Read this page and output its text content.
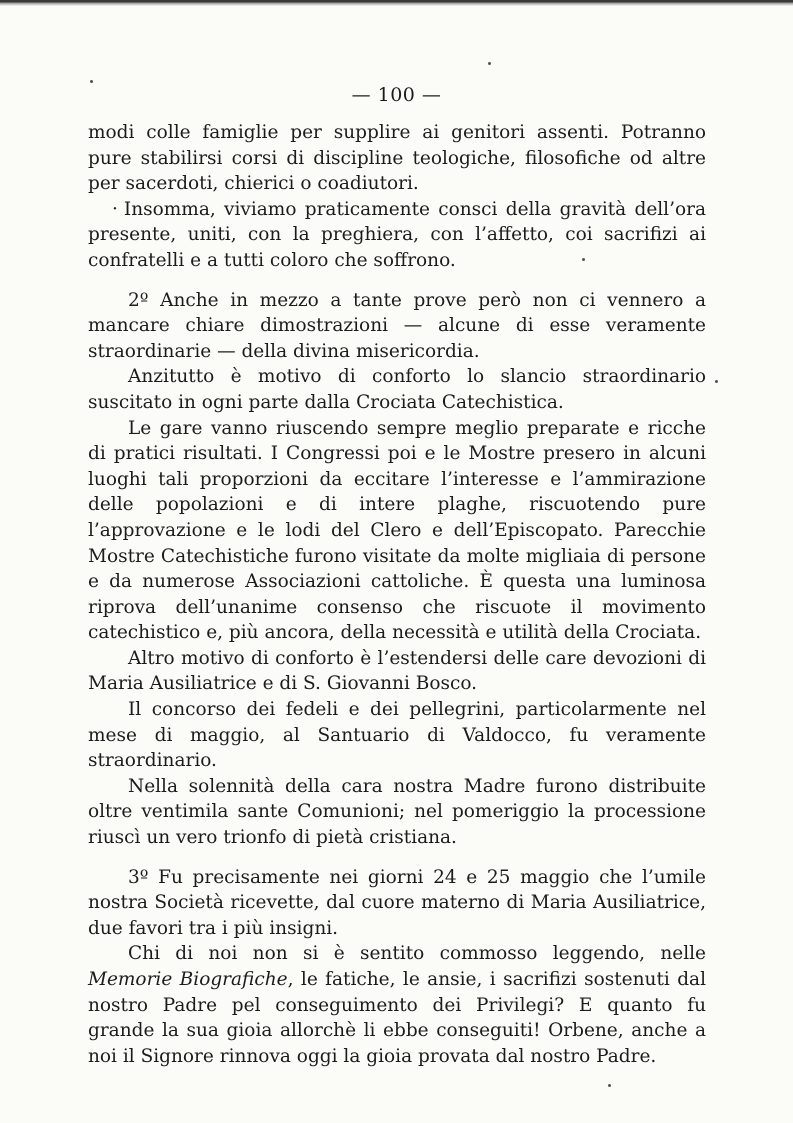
— 100 —

modi colle famiglie per supplire ai genitori assenti. Potranno pure stabilirsi corsi di discipline teologiche, filosofiche od altre per sacerdoti, chierici o coadiutori.

· Insomma, viviamo praticamente consci della gravità dell’ora presente, uniti, con la preghiera, con l’affetto, coi sacrifizi ai confratelli e a tutti coloro che soffrono.

2º Anche in mezzo a tante prove però non ci vennero a mancare chiare dimostrazioni — alcune di esse veramente straordinarie — della divina misericordia.

Anzitutto è motivo di conforto lo slancio straordinario suscitato in ogni parte dalla Crociata Catechistica.

Le gare vanno riuscendo sempre meglio preparate e ricche di pratici risultati. I Congressi poi e le Mostre presero in alcuni luoghi tali proporzioni da eccitare l’interesse e l’ammirazione delle popolazioni e di intere plaghe, riscuotendo pure l’approvazione e le lodi del Clero e dell’Episcopato. Parecchie Mostre Catechistiche furono visitate da molte migliaia di persone e da numerose Associazioni cattoliche. È questa una luminosa riprova dell’unanime consenso che riscuote il movimento catechistico e, più ancora, della necessità e utilità della Crociata.

Altro motivo di conforto è l’estendersi delle care devozioni di Maria Ausiliatrice e di S. Giovanni Bosco.

Il concorso dei fedeli e dei pellegrini, particolarmente nel mese di maggio, al Santuario di Valdocco, fu veramente straordinario.

Nella solennità della cara nostra Madre furono distribuite oltre ventimila sante Comunioni; nel pomeriggio la processione riuscì un vero trionfo di pietà cristiana.

3º Fu precisamente nei giorni 24 e 25 maggio che l’umile nostra Società ricevette, dal cuore materno di Maria Ausiliatrice, due favori tra i più insigni.

Chi di noi non si è sentito commosso leggendo, nelle Memorie Biografiche, le fatiche, le ansie, i sacrifizi sostenuti dal nostro Padre pel conseguimento dei Privilegi? E quanto fu grande la sua gioia allorchè li ebbe conseguiti! Orbene, anche a noi il Signore rinnova oggi la gioia provata dal nostro Padre.
